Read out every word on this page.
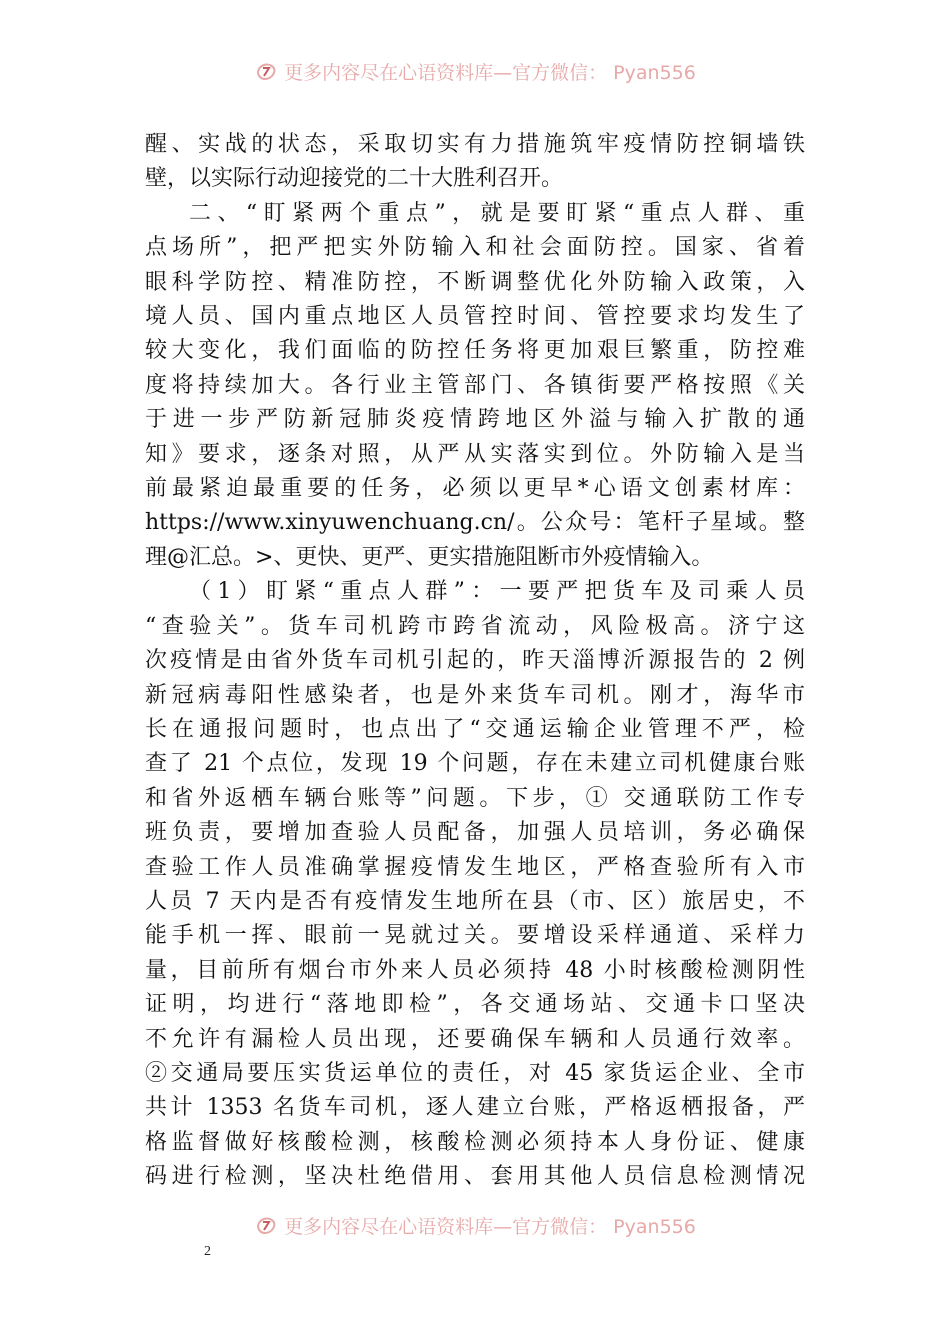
更多内容尽在心语资料库—官方微信： Pyan556

醒、实战的状态，采取切实有力措施筑牢疫情防控铜墙铁
壁，以实际行动迎接党的二十大胜利召开。

二、“盯紧两个重点”，就是要盯紧“重点人群、重
点场所”，把严把实外防输入和社会面防控。国家、省着
眼科学防控、精准防控，不断调整优化外防输入政策，入
境人员、国内重点地区人员管控时间、管控要求均发生了
较大变化，我们面临的防控任务将更加艰巨繁重，防控难
度将持续加大。各行业主管部门、各镇街要严格按照《关
于进一步严防新冠肺炎疫情跨地区外溢与输入扩散的通
知》要求，逐条对照，从严从实落实到位。外防输入是当
前最紧迫最重要的任务，必须以更早*心语文创素材库：
https://www.xinyuwenchuang.cn/。公众号：笔杆子星域。整
理@汇总。>、更快、更严、更实措施阻断市外疫情输入。

（1）盯紧“重点人群”：一要严把货车及司乘人员
“查验关”。货车司机跨市跨省流动，风险极高。济宁这
次疫情是由省外货车司机引起的，昨天淄博沂源报告的 2 例
新冠病毒阳性感染者，也是外来货车司机。刚才，海华市
长在通报问题时，也点出了“交通运输企业管理不严，检
查了 21 个点位，发现 19 个问题，存在未建立司机健康台账
和省外返栖车辆台账等”问题。下步，① 交通联防工作专
班负责，要增加查验人员配备，加强人员培训，务必确保
查验工作人员准确掌握疫情发生地区，严格查验所有入市
人员 7 天内是否有疫情发生地所在县（市、区）旅居史，不
能手机一挥、眼前一晃就过关。要增设采样通道、采样力
量，目前所有烟台市外来人员必须持 48 小时核酸检测阴性
证明，均进行“落地即检”，各交通场站、交通卡口坚决
不允许有漏检人员出现，还要确保车辆和人员通行效率。
②交通局要压实货运单位的责任，对 45 家货运企业、全市
共计 1353 名货车司机，逐人建立台账，严格返栖报备，严
格监督做好核酸检测，核酸检测必须持本人身份证、健康
码进行检测，坚决杜绝借用、套用其他人员信息检测情况

更多内容尽在心语资料库—官方微信： Pyan556
2
